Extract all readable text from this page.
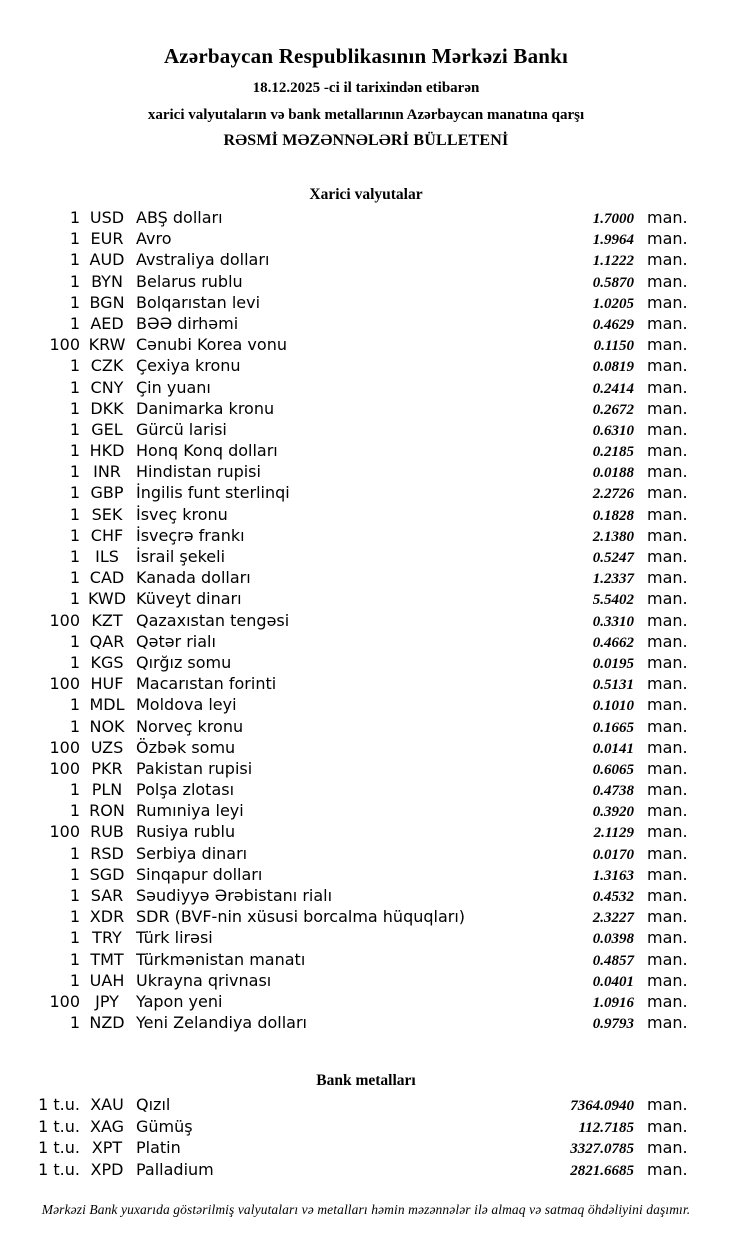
Azərbaycan Respublikasının Mərkəzi Bankı
18.12.2025 -ci il tarixindən etibarən
xarici valyutaların və bank metallarının Azərbaycan manatına qarşı
RƏSMİ MƏZƏNNƏLƏRİ BÜLLETENİ
Xarici valyutalar
1 USD ABŞ dolları	1.7000 man.
1 EUR Avro	1.9964 man.
1 AUD Avstraliya dolları	1.1222 man.
1 BYN Belarus rublu	0.5870 man.
1 BGN Bolqarıstan levi	1.0205 man.
1 AED BƏƏ dirhəmi	0.4629 man.
100 KRW Cənubi Korea vonu	0.1150 man.
1 CZK Çexiya kronu	0.0819 man.
1 CNY Çin yuanı	0.2414 man.
1 DKK Danimarka kronu	0.2672 man.
1 GEL Gürcü larisi	0.6310 man.
1 HKD Honq Konq dolları	0.2185 man.
1 INR Hindistan rupisi	0.0188 man.
1 GBP İngilis funt sterlinqi	2.2726 man.
1 SEK İsveç kronu	0.1828 man.
1 CHF İsveçrə frankı	2.1380 man.
1 ILS	İsrail şekeli	0.5247 man.
1 CAD Kanada dolları	1.2337 man.
1 KWD Küveyt dinarı	5.5402 man.
100 KZT Qazaxıstan tengəsi	0.3310 man.
1 QAR Qətər rialı	0.4662 man.
1 KGS Qırğız somu	0.0195 man.
100 HUF Macarıstan forinti	0.5131 man.
1 MDL Moldova leyi	0.1010 man.
1 NOK Norveç kronu	0.1665 man.
100 UZS Özbək somu	0.0141 man.
100 PKR Pakistan rupisi	0.6065 man.
1 PLN Polşa zlotası	0.4738 man.
1 RON Rumıniya leyi	0.3920 man.
100 RUB Rusiya rublu	2.1129 man.
1 RSD Serbiya dinarı	0.0170 man.
1 SGD Sinqapur dolları	1.3163 man.
1 SAR Səudiyyə Ərəbistanı rialı	0.4532 man.
1 XDR SDR (BVF-nin xüsusi borcalma hüquqları)	2.3227 man.
1 TRY Türk lirəsi	0.0398 man.
1 TMT Türkmənistan manatı	0.4857 man.
1 UAH Ukrayna qrivnası	0.0401 man.
100 JPY	Yapon yeni	1.0916 man.
1 NZD Yeni Zelandiya dolları	0.9793 man.
Bank metalları
1 t.u. XAU Qızıl	7364.0940 man.
1 t.u. XAG Gümüş	112.7185 man.
1 t.u. XPT Platin	3327.0785 man.
1 t.u. XPD Palladium	2821.6685 man.
Mərkəzi Bank yuxarıda göstərilmiş valyutaları və metalları həmin məzənnələr ilə almaq və satmaq öhdəliyini daşımır.
